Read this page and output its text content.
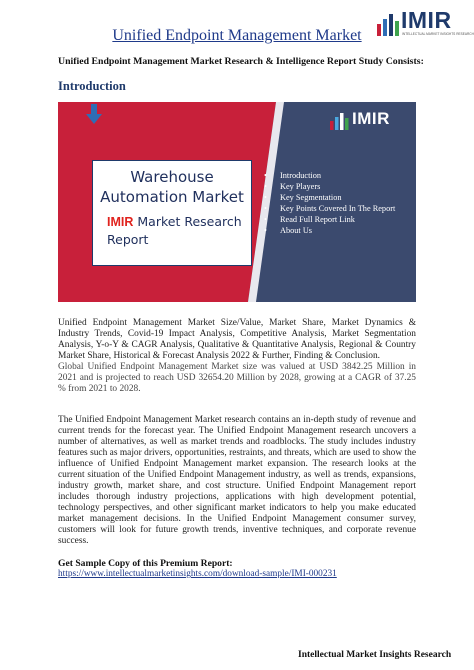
IMIR
INTELLECTUAL MARKET INSIGHTS RESEARCH
Unified Endpoint Management Market
Unified Endpoint Management Market Research & Intelligence Report Study Consists:
Introduction
IMIR
Warehouse
Automation Market
IMIR Market Research
Report
• Introduction
• Key Players
• Key Segmentation
• Key Points Covered In The Report
• Read Full Report Link
• About Us

Unified Endpoint Management Market Size/Value, Market Share, Market Dynamics & Industry Trends, Covid-19 Impact Analysis, Competitive Analysis, Market Segmentation Analysis, Y-o-Y & CAGR Analysis, Qualitative & Quantitative Analysis, Regional & Country Market Share, Historical & Forecast Analysis 2022 & Further, Finding & Conclusion.

Global Unified Endpoint Management Market size was valued at USD 3842.25 Million in 2021 and is projected to reach USD 32654.20 Million by 2028, growing at a CAGR of 37.25 % from 2021 to 2028.

The Unified Endpoint Management Market research contains an in-depth study of revenue and current trends for the forecast year. The Unified Endpoint Management research uncovers a number of alternatives, as well as market trends and roadblocks. The study includes industry features such as major drivers, opportunities, restraints, and threats, which are used to show the influence of Unified Endpoint Management market expansion. The research looks at the current situation of the Unified Endpoint Management industry, as well as trends, expansions, industry growth, market share, and cost structure. Unified Endpoint Management report includes thorough industry projections, applications with high development potential, technology perspectives, and other significant market indicators to help you make educated market management decisions. In the Unified Endpoint Management consumer survey, customers will look for future growth trends, inventive techniques, and corporate revenue success.

Get Sample Copy of this Premium Report:
https://www.intellectualmarketinsights.com/download-sample/IMI-000231
Intellectual Market Insights Research
